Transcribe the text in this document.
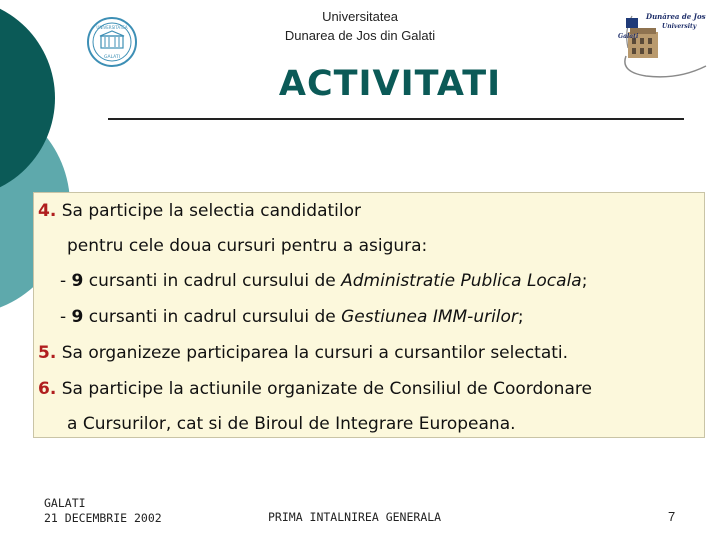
Universitatea
Dunarea de Jos din Galati
UNIVERSITATEA
GALATI
Dunărea de Jos
University
Galaţi
ACTIVITATI
4. Sa participe la selectia candidatilor
pentru cele doua cursuri pentru a asigura:
- 9 cursanti in cadrul cursului de Administratie Publica Locala;
- 9 cursanti in cadrul cursului de Gestiunea IMM-urilor;
5. Sa organizeze participarea la cursuri a cursantilor selectati.
6. Sa participe la actiunile organizate de Consiliul de Coordonare
a Cursurilor, cat si de Biroul de Integrare Europeana.
GALATI
21 DECEMBRIE 2002	PRIMA INTALNIREA GENERALA	7
